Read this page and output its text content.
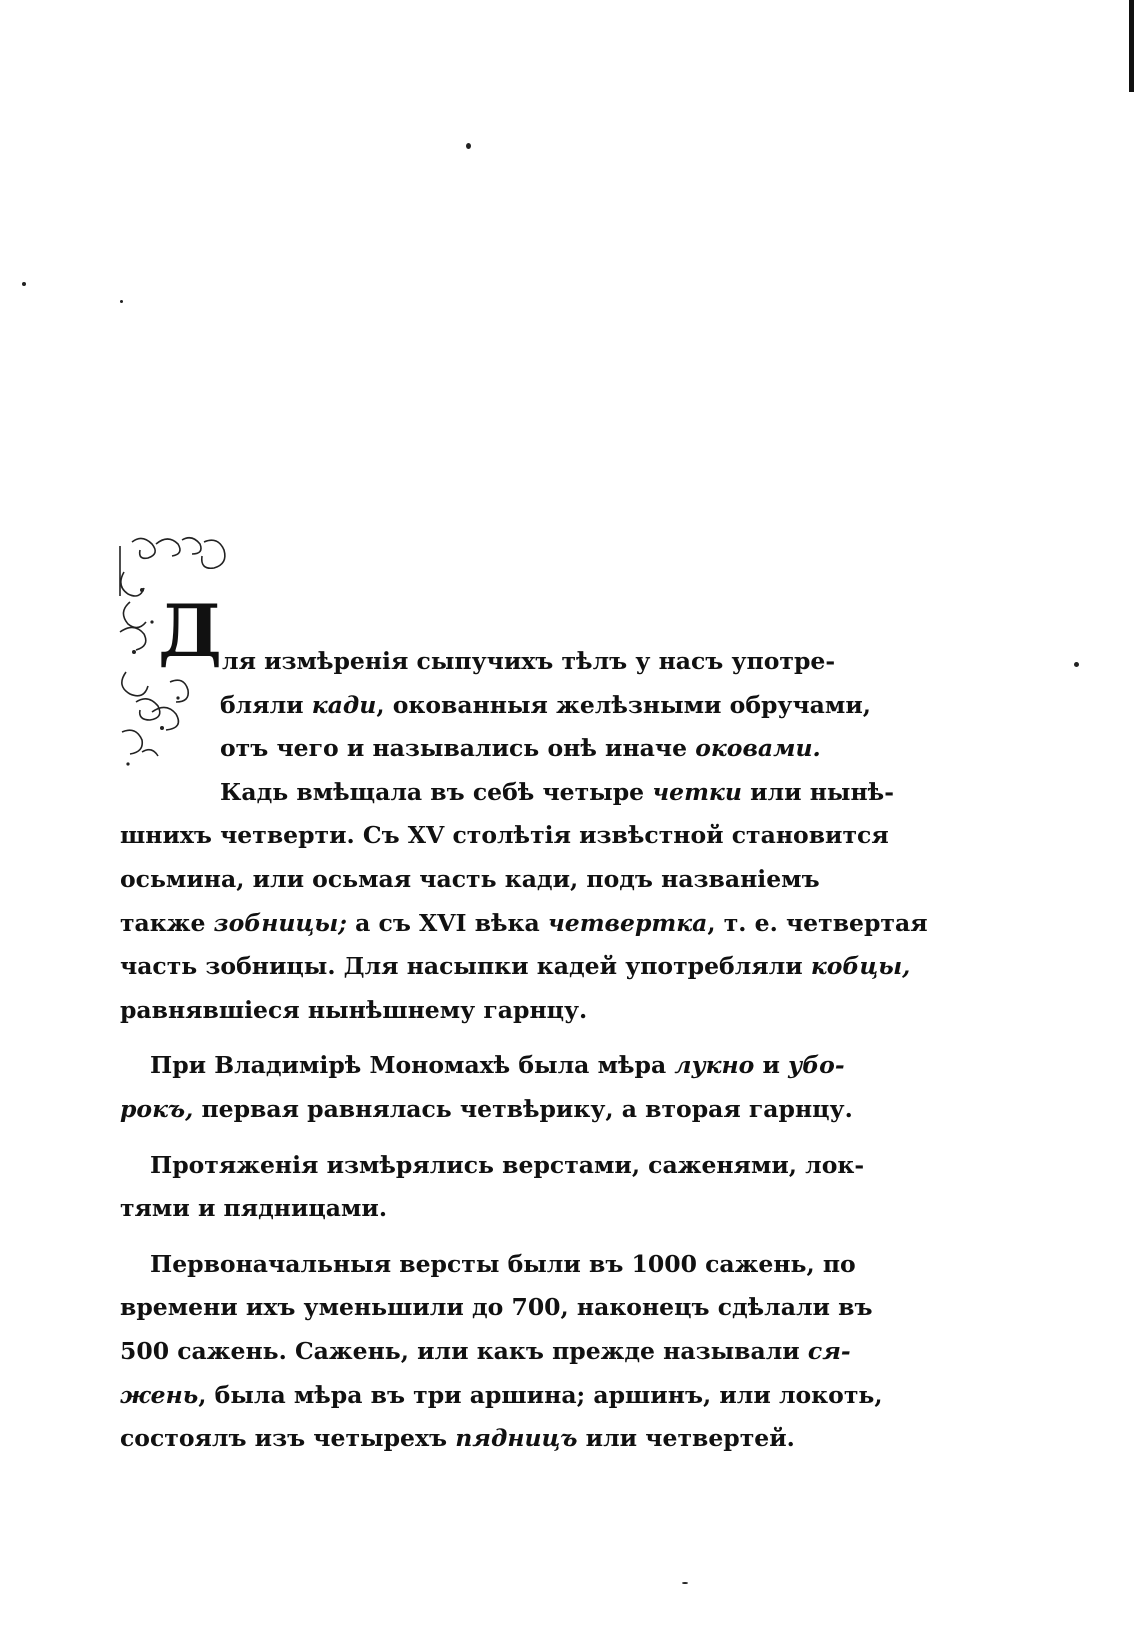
Д ля измѣренія сыпучихъ тѣлъ у насъ употре-
бляли кади, окованныя желѣзными обручами,
отъ чего и назывались онѣ иначе оковами.
Кадь вмѣщала въ себѣ четыре четки или нынѣ-
шнихъ четверти. Съ XV столѣтія извѣстной становится
осьмина, или осьмая часть кади, подъ названіемъ
также зобницы; а съ XVI вѣка четвертка, т. е. четвертая
часть зобницы. Для насыпки кадей употребляли кобцы,
равнявшіеся нынѣшнему гарнцу.
При Владимірѣ Мономахѣ была мѣра лукно и убо-
рокъ, первая равнялась четвѣрику, а вторая гарнцу.
Протяженія измѣрялись верстами, саженями, лок-
тями и пядницами.
Первоначальныя версты были въ 1000 сажень, по
времени ихъ уменьшили до 700, наконецъ сдѣлали въ
500 сажень. Сажень, или какъ прежде называли ся-
жень, была мѣра въ три аршина; аршинъ, или локоть,
состоялъ изъ четырехъ пядницъ или четвертей.
